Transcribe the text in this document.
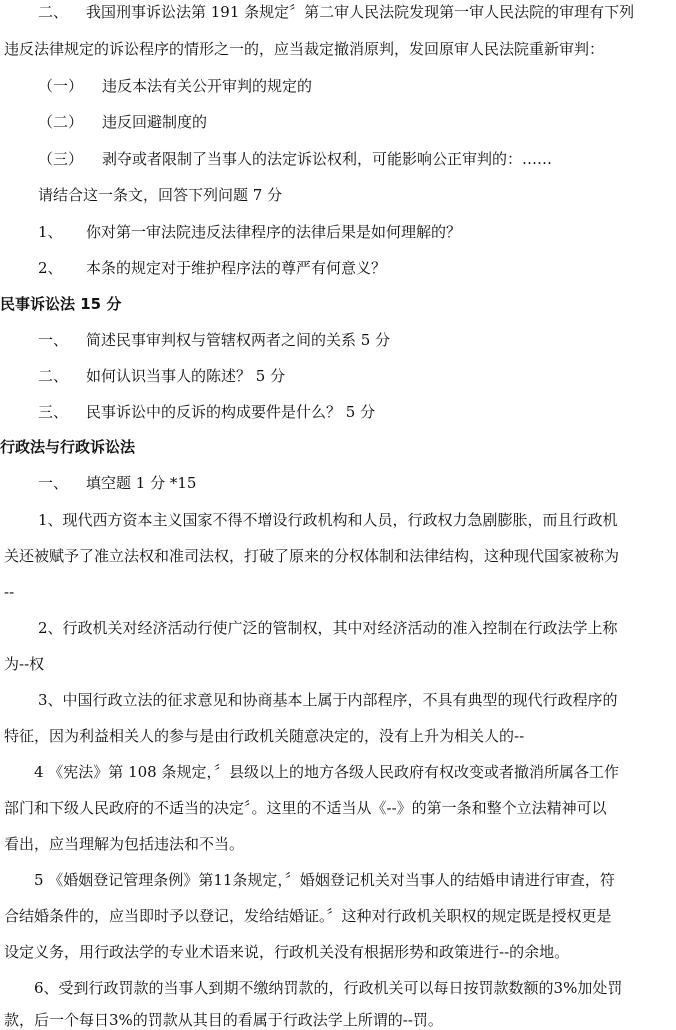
二、 我国刑事诉讼法第 191 条规定〞第二审人民法院发现第一审人民法院的审理有下列
违反法律规定的诉讼程序的情形之一的，应当裁定撤消原判，发回原审人民法院重新审判：
（一） 违反本法有关公开审判的规定的
（二） 违反回避制度的
（三） 剥夺或者限制了当事人的法定诉讼权利，可能影响公正审判的：……
请结合这一条文，回答下列问题 7 分
1、 你对第一审法院违反法律程序的法律后果是如何理解的？
2、 本条的规定对于维护程序法的尊严有何意义？
民事诉讼法 15 分
一、 简述民事审判权与管辖权两者之间的关系 5 分
二、 如何认识当事人的陈述？ 5 分
三、 民事诉讼中的反诉的构成要件是什么？ 5 分
行政法与行政诉讼法
一、 填空题 1 分 *15
1、现代西方资本主义国家不得不增设行政机构和人员，行政权力急剧膨胀，而且行政机
关还被赋予了准立法权和准司法权，打破了原来的分权体制和法律结构，这种现代国家被称为
--
2、行政机关对经济活动行使广泛的管制权，其中对经济活动的准入控制在行政法学上称
为--权
3、中国行政立法的征求意见和协商基本上属于内部程序，不具有典型的现代行政程序的
特征，因为利益相关人的参与是由行政机关随意决定的，没有上升为相关人的--
4 《宪法》第 108 条规定，〞县级以上的地方各级人民政府有权改变或者撤消所属各工作
部门和下级人民政府的不适当的决定〞。这里的不适当从《--》的第一条和整个立法精神可以
看出，应当理解为包括违法和不当。
5 《婚姻登记管理条例》第11条规定，〞婚姻登记机关对当事人的结婚申请进行审查，符
合结婚条件的，应当即时予以登记，发给结婚证。〞这种对行政机关职权的规定既是授权更是
设定义务，用行政法学的专业术语来说，行政机关没有根据形势和政策进行--的余地。
6、受到行政罚款的当事人到期不缴纳罚款的，行政机关可以每日按罚款数额的3%加处罚
款，后一个每日3%的罚款从其目的看属于行政法学上所谓的--罚。
